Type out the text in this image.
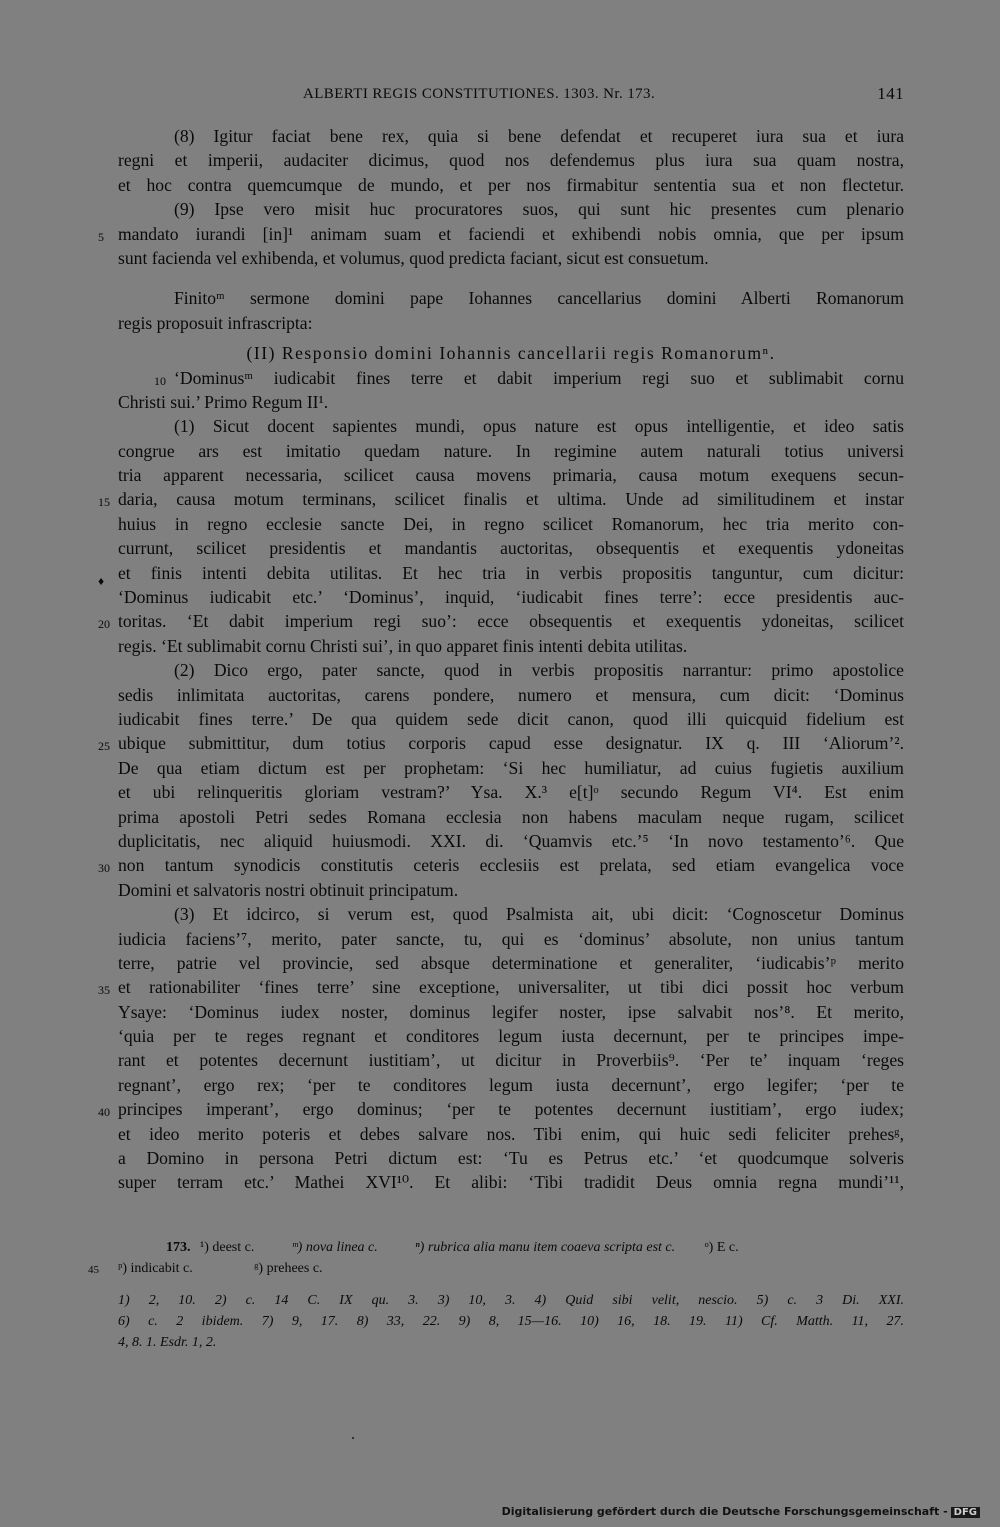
ALBERTI REGIS CONSTITUTIONES. 1303. Nr. 173.	141
(8) Igitur faciat bene rex, quia si bene defendat et recuperet iura sua et iura
regni et imperii, audaciter dicimus, quod nos defendemus plus iura sua quam nostra,
et hoc contra quemcumque de mundo, et per nos firmabitur sententia sua et non flectetur.
(9) Ipse vero misit huc procuratores suos, qui sunt hic presentes cum plenario
5 mandato iurandi [in]¹ animam suam et faciendi et exhibendi nobis omnia, que per ipsum
sunt facienda vel exhibenda, et volumus, quod predicta faciant, sicut est consuetum.
Finitoᵐ sermone domini pape Iohannes cancellarius domini Alberti Romanorum
regis proposuit infrascripta:
(II) Responsio domini Iohannis cancellarii regis Romanorumⁿ.
10 ‘Dominusᵐ iudicabit fines terre et dabit imperium regi suo et sublimabit cornu
Christi sui.’ Primo Regum II¹.
(1) Sicut docent sapientes mundi, opus nature est opus intelligentie, et ideo satis
congrue ars est imitatio quedam nature. In regimine autem naturali totius universi
tria apparent necessaria, scilicet causa movens primaria, causa motum exequens secun-
15 daria, causa motum terminans, scilicet finalis et ultima. Unde ad similitudinem et instar
huius in regno ecclesie sancte Dei, in regno scilicet Romanorum, hec tria merito con-
currunt, scilicet presidentis et mandantis auctoritas, obsequentis et exequentis ydoneitas
♦ et finis intenti debita utilitas. Et hec tria in verbis propositis tanguntur, cum dicitur:
‘Dominus iudicabit etc.’ ‘Dominus’, inquid, ‘iudicabit fines terre’: ecce presidentis auc-
20 toritas. ‘Et dabit imperium regi suo’: ecce obsequentis et exequentis ydoneitas, scilicet
regis. ‘Et sublimabit cornu Christi sui’, in quo apparet finis intenti debita utilitas.
(2) Dico ergo, pater sancte, quod in verbis propositis narrantur: primo apostolice
sedis inlimitata auctoritas, carens pondere, numero et mensura, cum dicit: ‘Dominus
iudicabit fines terre.’ De qua quidem sede dicit canon, quod illi quicquid fidelium est
25 ubique submittitur, dum totius corporis capud esse designatur. IX q. III ‘Aliorum’².
De qua etiam dictum est per prophetam: ‘Si hec humiliatur, ad cuius fugietis auxilium
et ubi relinqueritis gloriam vestram?’ Ysa. X.³ e[t]ᵒ secundo Regum VI⁴. Est enim
prima apostoli Petri sedes Romana ecclesia non habens maculam neque rugam, scilicet
duplicitatis, nec aliquid huiusmodi. XXI. di. ‘Quamvis etc.’⁵ ‘In novo testamento’⁶. Que
30 non tantum synodicis constitutis ceteris ecclesiis est prelata, sed etiam evangelica voce
Domini et salvatoris nostri obtinuit principatum.
(3) Et idcirco, si verum est, quod Psalmista ait, ubi dicit: ‘Cognoscetur Dominus
iudicia faciens’⁷, merito, pater sancte, tu, qui es ‘dominus’ absolute, non unius tantum
terre, patrie vel provincie, sed absque determinatione et generaliter, ‘iudicabis’ᵖ merito
35 et rationabiliter ‘fines terre’ sine exceptione, universaliter, ut tibi dici possit hoc verbum
Ysaye: ‘Dominus iudex noster, dominus legifer noster, ipse salvabit nos’⁸. Et merito,
‘quia per te reges regnant et conditores legum iusta decernunt, per te principes impe-
rant et potentes decernunt iustitiam’, ut dicitur in Proverbiis⁹. ‘Per te’ inquam ‘reges
regnant’, ergo rex; ‘per te conditores legum iusta decernunt’, ergo legifer; ‘per te
40 principes imperant’, ergo dominus; ‘per te potentes decernunt iustitiam’, ergo iudex;
et ideo merito poteris et debes salvare nos. Tibi enim, qui huic sedi feliciter prehesᵍ,
a Domino in persona Petri dictum est: ‘Tu es Petrus etc.’ ‘et quodcumque solveris
super terram etc.’ Mathei XVI¹⁰. Et alibi: ‘Tibi tradidit Deus omnia regna mundi’¹¹,
173. ¹) deest c.	ᵐ) nova linea c.	ⁿ) rubrica alia manu item coaeva scripta est c. ᵒ) E c.
45 ᵖ) indicabit c.	ᵍ) prehees c.
1) 2, 10. 2) c. 14 C. IX qu. 3. 3) 10, 3. 4) Quid sibi velit, nescio. 5) c. 3 Di. XXI.
6) c. 2 ibidem. 7) 9, 17. 8) 33, 22. 9) 8, 15—16. 10) 16, 18. 19. 11) Cf. Matth. 11, 27.
4, 8. 1. Esdr. 1, 2.
Digitalisierung gefördert durch die Deutsche Forschungsgemeinschaft - DFG
